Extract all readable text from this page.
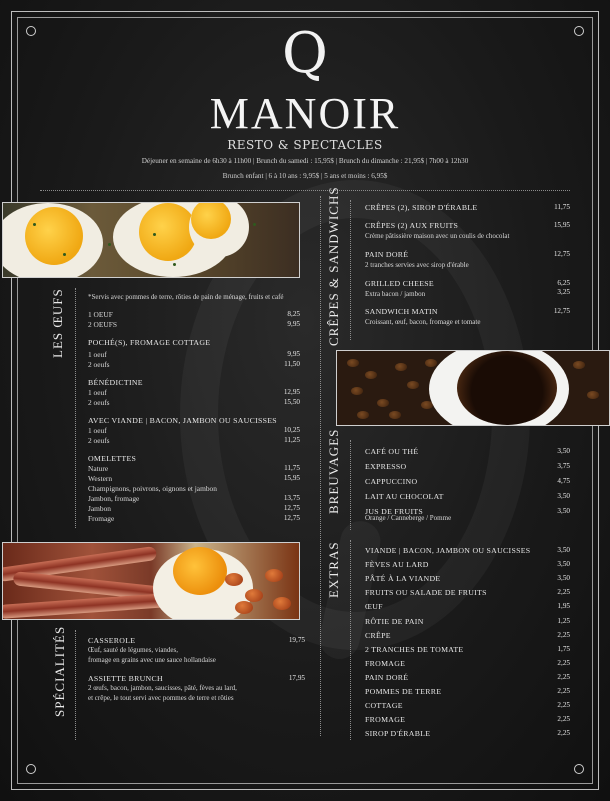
Q
MANOIR
RESTO & SPECTACLES
Déjeuner en semaine de 6h30 à 11h00 | Brunch du samedi : 15,95$ | Brunch du dimanche : 21,95$ | 7h00 à 12h30
Brunch enfant | 6 à 10 ans : 9,95$ | 5 ans et moins : 6,95$
LES ŒUFS	CRÊPES & SANDWICHS
BREUVAGES
EXTRAS
SPÉCIALITÉS
*Servis avec pommes de terre, rôties de pain de ménage, fruits et café
Orange / Canneberge / Pomme
1 OEUF	8,25
2 OEUFS	9,95
POCHÉ(S), FROMAGE COTTAGE
1 oeuf	9,95
2 oeufs	11,50
BÉNÉDICTINE
1 oeuf	12,95
2 oeufs	15,50
AVEC VIANDE | BACON, JAMBON OU SAUCISSES
1 oeuf	10,25
2 oeufs	11,25
OMELETTES
Nature	11,75
Western	15,95
Champignons, poivrons, oignons et jambon
Jambon, fromage	13,75
Jambon	12,75
Fromage	12,75
CRÊPES (2), SIROP D'ÉRABLE	11,75
CRÊPES (2) AUX FRUITS	15,95
Crème pâtissière maison avec un coulis de chocolat
PAIN DORÉ	12,75
2 tranches servies avec sirop d'érable
GRILLED CHEESE	6,25
Extra bacon / jambon	3,25
SANDWICH MATIN	12,75
Croissant, œuf, bacon, fromage et tomate
CAFÉ OU THÉ	3,50
EXPRESSO	3,75
CAPPUCCINO	4,75
LAIT AU CHOCOLAT	3,50
JUS DE FRUITS	3,50
VIANDE | BACON, JAMBON OU SAUCISSES	3,50
FÈVES AU LARD	3,50
PÂTÉ À LA VIANDE	3,50
FRUITS OU SALADE DE FRUITS	2,25
ŒUF	1,95
RÔTIE DE PAIN	1,25
CRÊPE	2,25
2 TRANCHES DE TOMATE	1,75
FROMAGE	2,25
PAIN DORÉ	2,25
POMMES DE TERRE	2,25
COTTAGE	2,25
FROMAGE	2,25
SIROP D'ÉRABLE	2,25
CASSEROLE	19,75
Œuf, sauté de légumes, viandes,
fromage en grains avec une sauce hollandaise
ASSIETTE BRUNCH	17,95
2 œufs, bacon, jambon, saucisses, pâté, fèves au lard,
et crêpe, le tout servi avec pommes de terre et rôties
